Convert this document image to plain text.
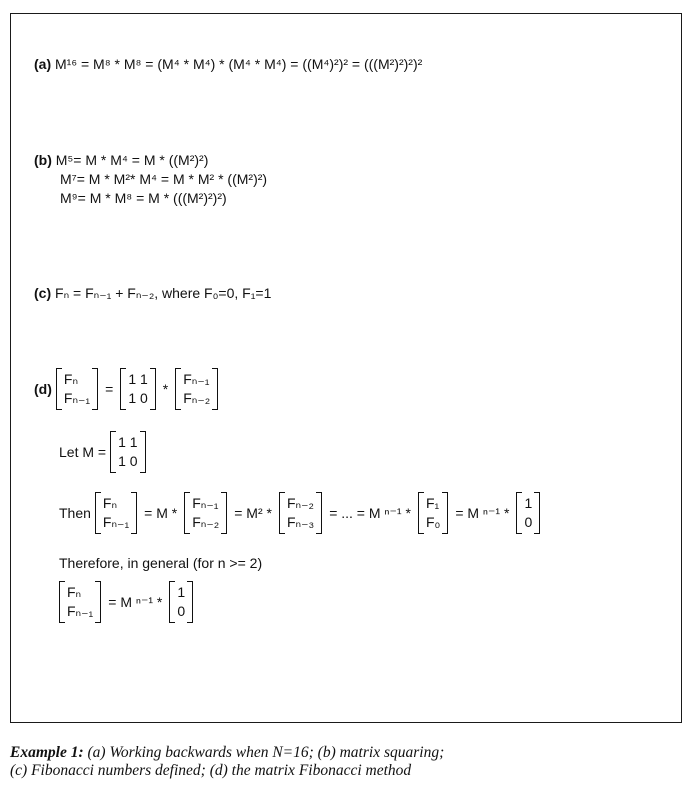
(a) M¹⁶ = M⁸ * M⁸ = (M⁴ * M⁴) * (M⁴ * M⁴) = ((M⁴)²)² = (((M²)²)²)²
(b) M⁵= M * M⁴ = M * ((M²)²)
M⁷= M * M²* M⁴ = M * M² * ((M²)²)
M⁹= M * M⁸ = M * (((M²)²)²)
(c) Fₙ = Fₙ₋₁ + Fₙ₋₂, where F₀=0, F₁=1
(d)
Fₙ
Fₙ₋₁
=
1 1
1 0
*
Fₙ₋₁
Fₙ₋₂
Let M =
1 1
1 0
Then
Fₙ
Fₙ₋₁
= M *
Fₙ₋₁
Fₙ₋₂
= M² *
Fₙ₋₂
Fₙ₋₃
= ... = M ⁿ⁻¹ *
F₁
F₀
= M ⁿ⁻¹ *
1
0
Therefore, in general (for n >= 2)
Fₙ
Fₙ₋₁
= M ⁿ⁻¹ *
1
0
Example 1: (a) Working backwards when N=16; (b) matrix squaring;
(c) Fibonacci numbers defined; (d) the matrix Fibonacci method
